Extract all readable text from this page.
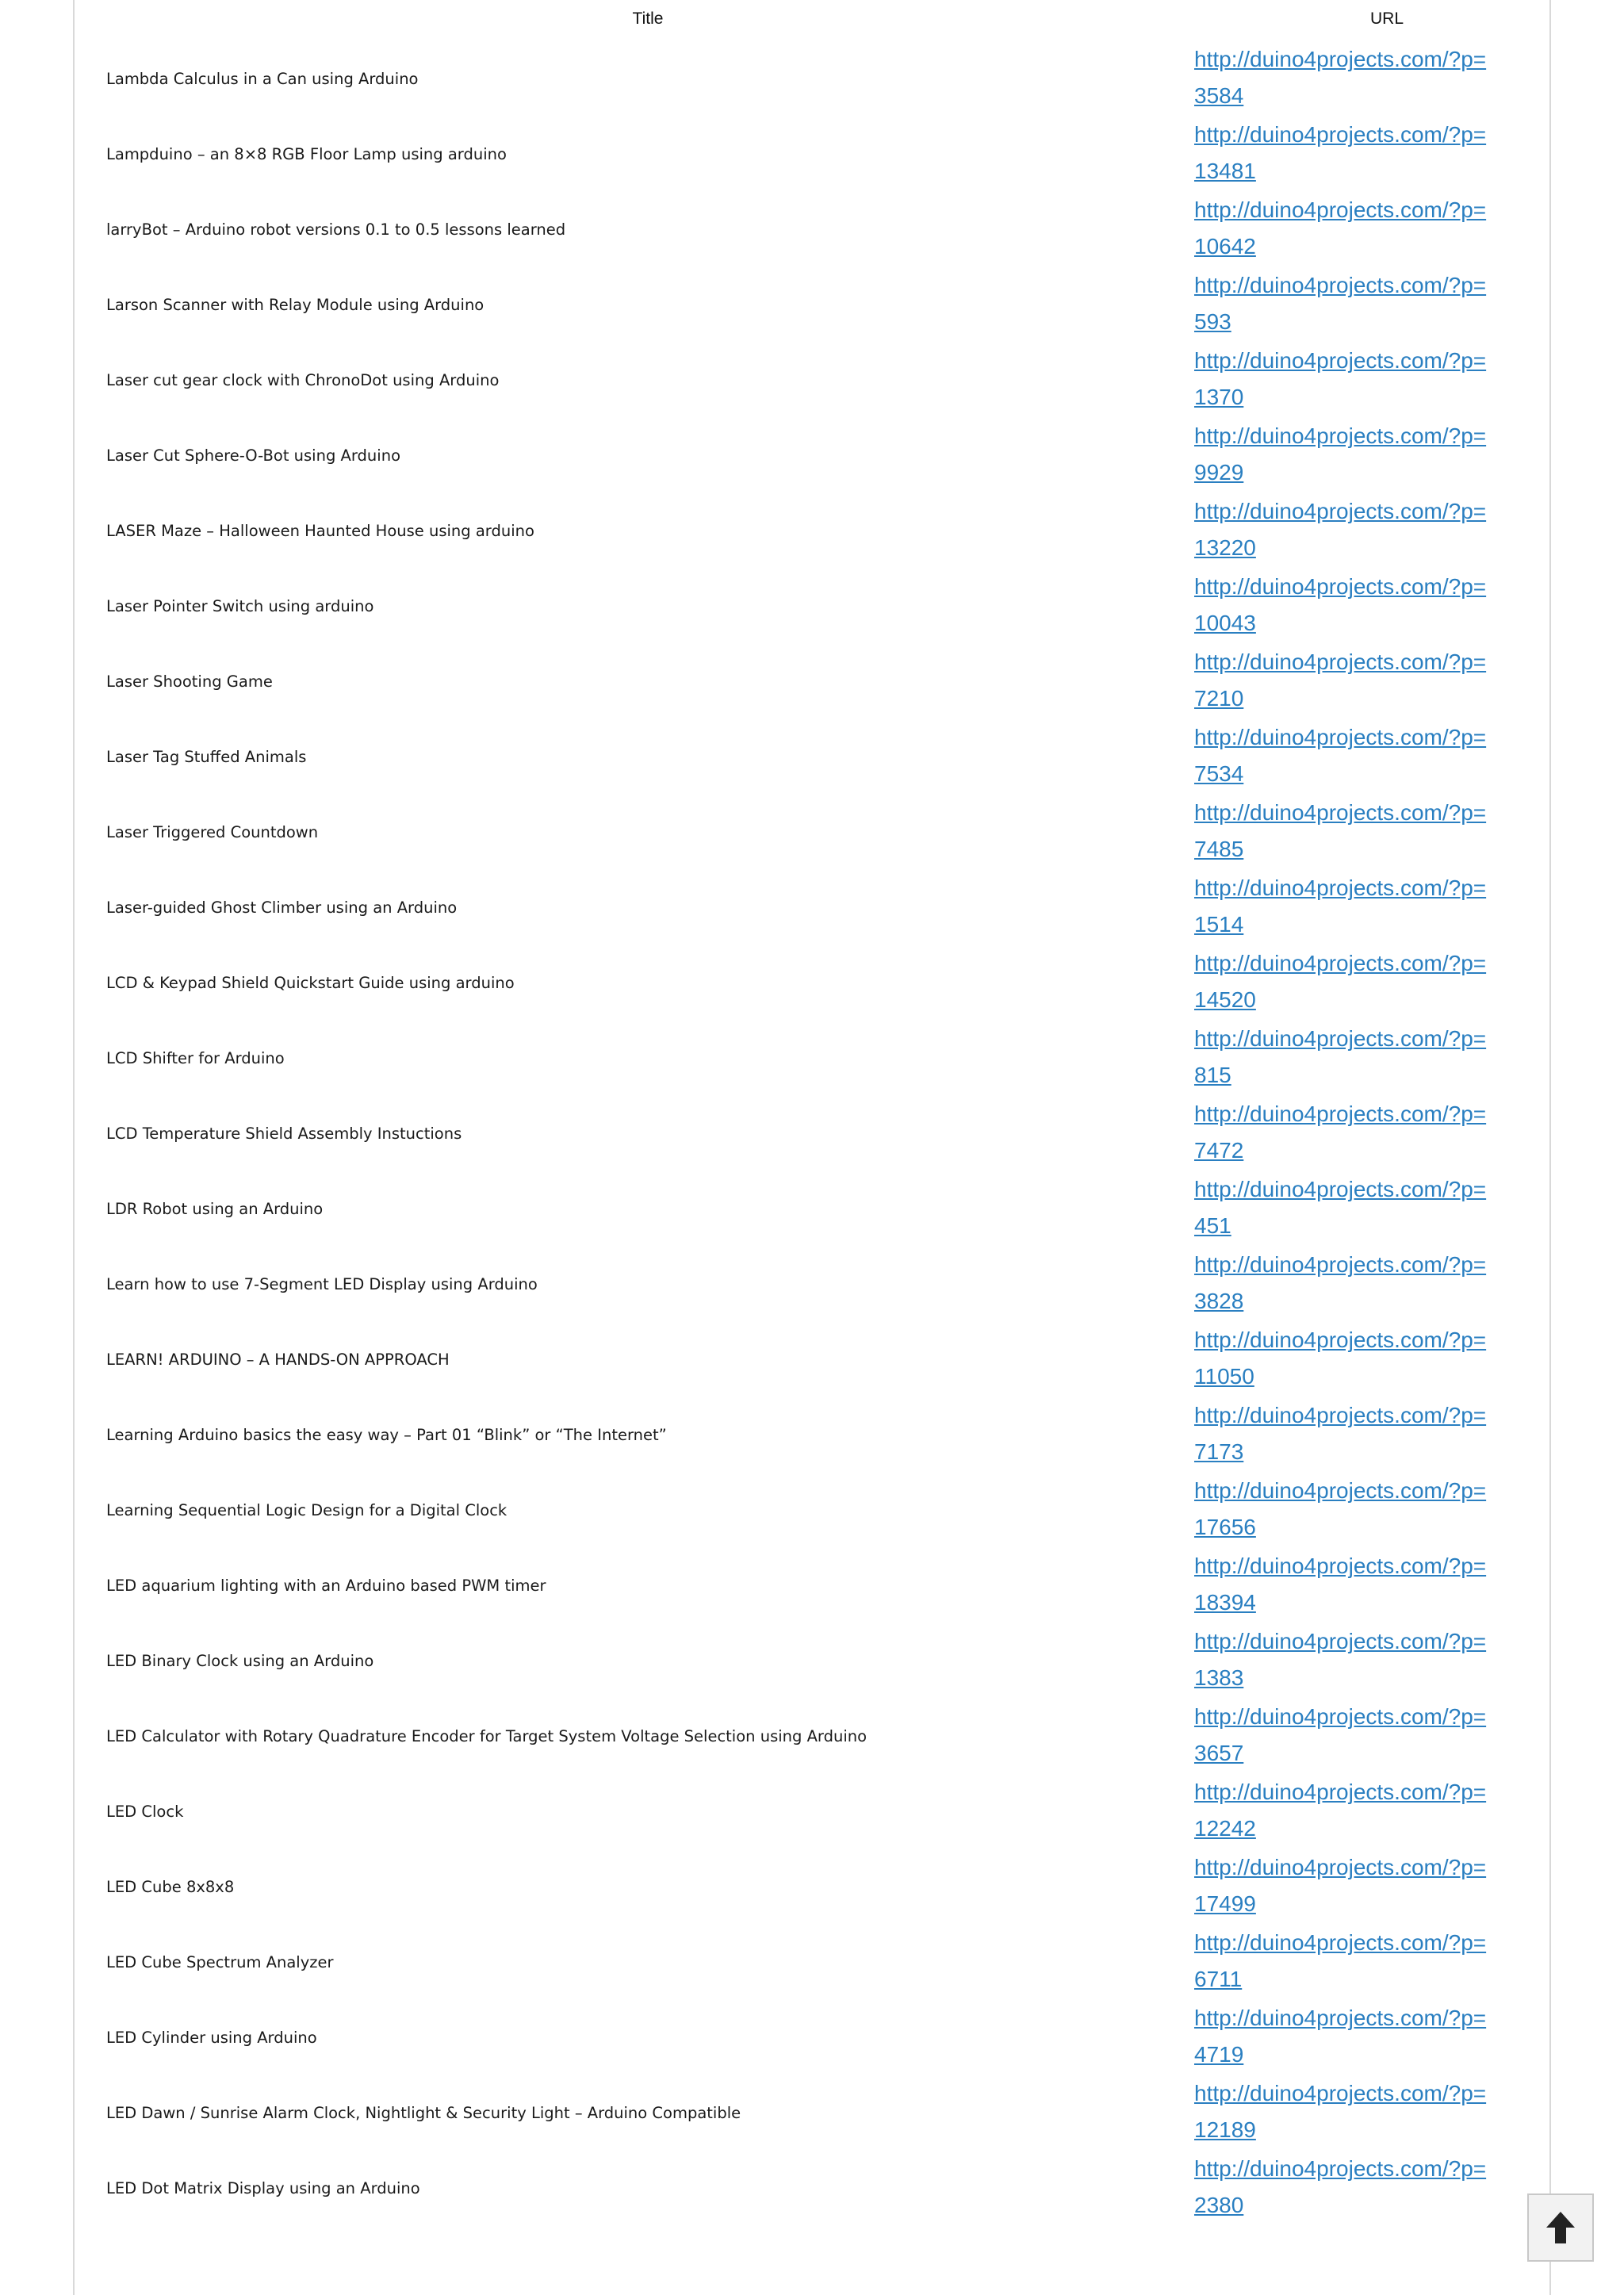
Title	URL
Lambda Calculus in a Can using Arduino
http://duino4projects.com/?p=3584
Lampduino – an 8×8 RGB Floor Lamp using arduino
http://duino4projects.com/?p=13481
larryBot – Arduino robot versions 0.1 to 0.5 lessons learned
http://duino4projects.com/?p=10642
Larson Scanner with Relay Module using Arduino
http://duino4projects.com/?p=593
Laser cut gear clock with ChronoDot using Arduino
http://duino4projects.com/?p=1370
Laser Cut Sphere-O-Bot using Arduino
http://duino4projects.com/?p=9929
LASER Maze – Halloween Haunted House using arduino
http://duino4projects.com/?p=13220
Laser Pointer Switch using arduino
http://duino4projects.com/?p=10043
Laser Shooting Game
http://duino4projects.com/?p=7210
Laser Tag Stuffed Animals
http://duino4projects.com/?p=7534
Laser Triggered Countdown
http://duino4projects.com/?p=7485
Laser-guided Ghost Climber using an Arduino
http://duino4projects.com/?p=1514
LCD & Keypad Shield Quickstart Guide using arduino
http://duino4projects.com/?p=14520
LCD Shifter for Arduino
http://duino4projects.com/?p=815
LCD Temperature Shield Assembly Instuctions
http://duino4projects.com/?p=7472
LDR Robot using an Arduino
http://duino4projects.com/?p=451
Learn how to use 7-Segment LED Display using Arduino
http://duino4projects.com/?p=3828
LEARN! ARDUINO – A HANDS-ON APPROACH
http://duino4projects.com/?p=11050
Learning Arduino basics the easy way – Part 01 “Blink” or “The Internet”
http://duino4projects.com/?p=7173
Learning Sequential Logic Design for a Digital Clock
http://duino4projects.com/?p=17656
LED aquarium lighting with an Arduino based PWM timer
http://duino4projects.com/?p=18394
LED Binary Clock using an Arduino
http://duino4projects.com/?p=1383
LED Calculator with Rotary Quadrature Encoder for Target System Voltage Selection using Arduino
http://duino4projects.com/?p=3657
LED Clock
http://duino4projects.com/?p=12242
LED Cube 8x8x8
http://duino4projects.com/?p=17499
LED Cube Spectrum Analyzer
http://duino4projects.com/?p=6711
LED Cylinder using Arduino
http://duino4projects.com/?p=4719
LED Dawn / Sunrise Alarm Clock, Nightlight & Security Light – Arduino Compatible
http://duino4projects.com/?p=12189
LED Dot Matrix Display using an Arduino
http://duino4projects.com/?p=2380
